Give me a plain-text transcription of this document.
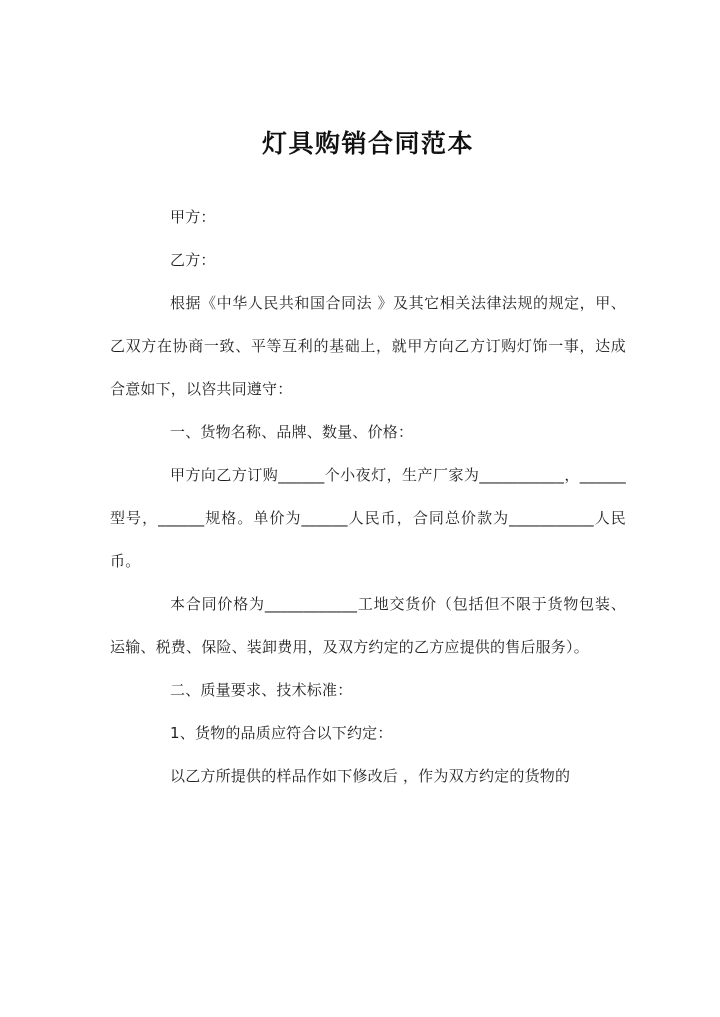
灯具购销合同范本

甲方：

乙方：

根据《中华人民共和国合同法 》及其它相关法律法规的规定，甲、乙双方在协商一致、平等互利的基础上，就甲方向乙方订购灯饰一事，达成合意如下，以咨共同遵守：

一、货物名称、品牌、数量、价格：

甲方向乙方订购______个小夜灯，生产厂家为___________，______型号，______规格。单价为______人民币，合同总价款为___________人民币。

本合同价格为____________工地交货价（包括但不限于货物包装、运输、税费、保险、装卸费用，及双方约定的乙方应提供的售后服务）。

二、质量要求、技术标准：

1、货物的品质应符合以下约定：

以乙方所提供的样品作如下修改后 ，作为双方约定的货物的
